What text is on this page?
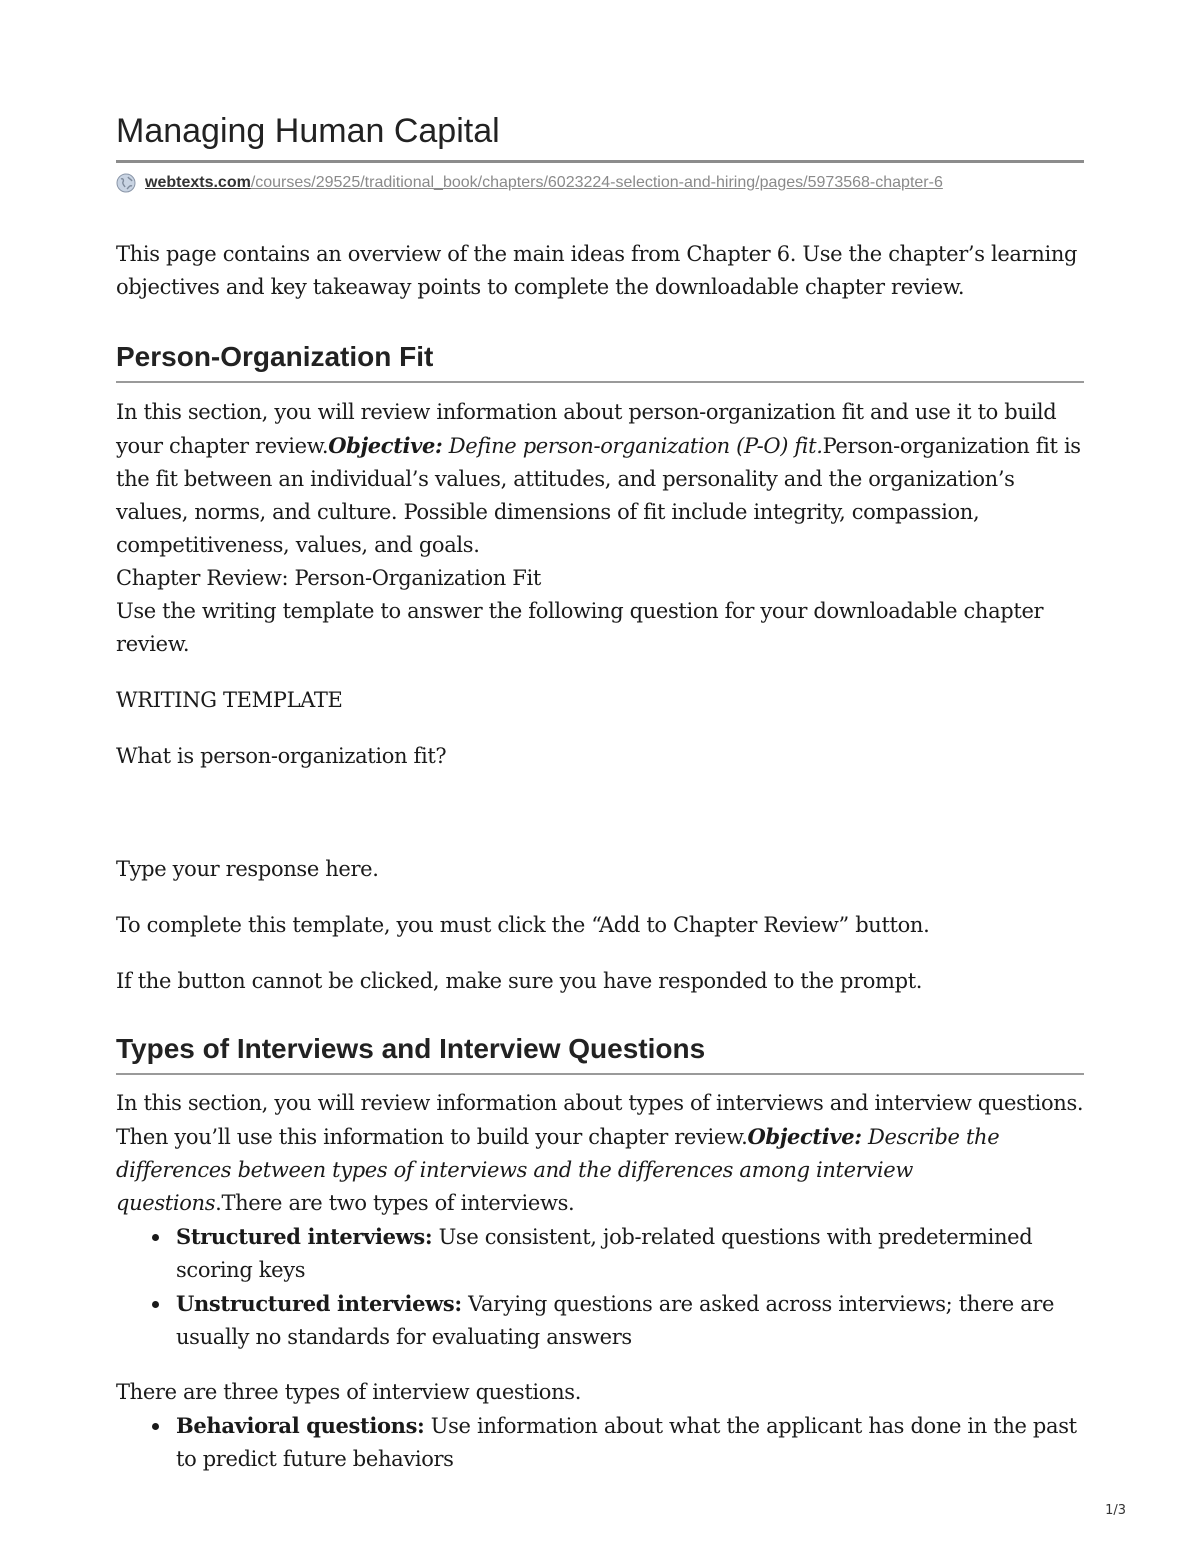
Managing Human Capital
webtexts.com/courses/29525/traditional_book/chapters/6023224-selection-and-hiring/pages/5973568-chapter-6

This page contains an overview of the main ideas from Chapter 6. Use the chapter’s learning objectives and key takeaway points to complete the downloadable chapter review.

Person-Organization Fit

In this section, you will review information about person-organization fit and use it to build your chapter review.Objective: Define person-organization (P-O) fit.Person-organization fit is the fit between an individual’s values, attitudes, and personality and the organization’s values, norms, and culture. Possible dimensions of fit include integrity, compassion, competitiveness, values, and goals.

Chapter Review: Person-Organization Fit

Use the writing template to answer the following question for your downloadable chapter review.

WRITING TEMPLATE

What is person-organization fit?

Type your response here.

To complete this template, you must click the “Add to Chapter Review” button.

If the button cannot be clicked, make sure you have responded to the prompt.

Types of Interviews and Interview Questions

In this section, you will review information about types of interviews and interview questions. Then you’ll use this information to build your chapter review.Objective: Describe the differences between types of interviews and the differences among interview questions.There are two types of interviews.

Structured interviews: Use consistent, job-related questions with predetermined scoring keys
Unstructured interviews: Varying questions are asked across interviews; there are usually no standards for evaluating answers

There are three types of interview questions.

Behavioral questions: Use information about what the applicant has done in the past to predict future behaviors
1/3
